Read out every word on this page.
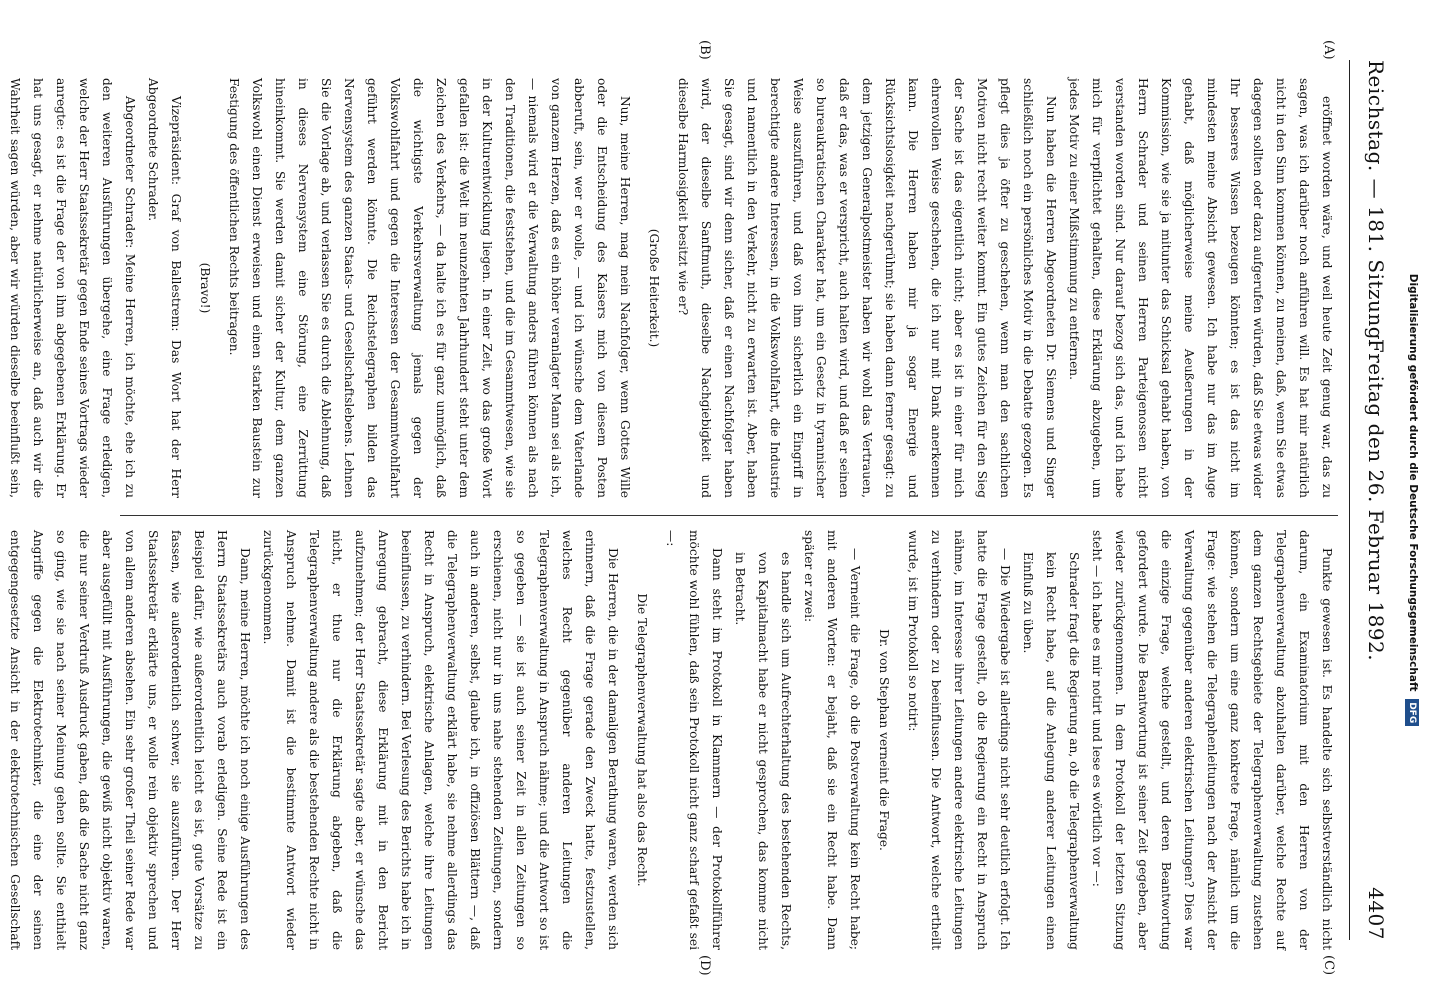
Reichstag. — 181. Sitzung.
Freitag den 26. Februar 1892.
4407
(A)
(B)
(C)
(D)

eröffnet worden wäre, und weil heute Zeit genug war, das zu sagen, was ich darüber noch anführen will. Es hat mir natürlich nicht in den Sinn kommen können, zu meinen, daß, wenn Sie etwas dagegen sollten oder dazu aufgerufen würden, daß Sie etwas wider Ihr besseres Wissen bezeugen könnten; es ist das nicht im mindesten meine Absicht gewesen. Ich habe nur das im Auge gehabt, daß möglicherweise meine Aeußerungen in der Kommission, wie sie ja mitunter das Schicksal gehabt haben, von Herrn Schrader und seinen Herren Parteigenossen nicht verstanden worden sind. Nur darauf bezog sich das, und ich habe mich für verpflichtet gehalten, diese Erklärung abzugeben, um jedes Motiv zu einer Mißstimmung zu entfernen.

Nun haben die Herren Abgeordneten Dr. Siemens und Singer schließlich noch ein persönliches Motiv in die Debatte gezogen. Es pflegt dies ja öfter zu geschehen, wenn man den sachlichen Motiven nicht recht weiter kommt. Ein gutes Zeichen für den Sieg der Sache ist das eigentlich nicht; aber es ist in einer für mich ehrenvollen Weise geschehen, die ich nur mit Dank anerkennen kann. Die Herren haben mir ja sogar Energie und Rücksichtslosigkeit nachgerühmt; sie haben dann ferner gesagt: zu dem jetzigen Generalpostmeister haben wir wohl das Vertrauen, daß er das, was er verspricht, auch halten wird, und daß er seinen so bureaukratischen Charakter hat, um ein Gesetz in tyrannischer Weise auszuführen, und daß von ihm sicherlich ein Eingriff in berechtigte andere Interessen, in die Volkswohlfahrt, die Industrie und namentlich in den Verkehr, nicht zu erwarten ist. Aber, haben Sie gesagt, sind wir denn sicher, daß er einen Nachfolger haben wird, der dieselbe Sanftmuth, dieselbe Nachgiebigkeit und dieselbe Harmlosigkeit besitzt wie er?

(Große Heiterkeit.)

Nun, meine Herren, mag mein Nachfolger, wenn Gottes Wille oder die Entscheidung des Kaisers mich von diesem Posten abberuft, sein, wer er wolle, — und ich wünsche dem Vaterlande von ganzem Herzen, daß es ein höher veranlagter Mann sei als ich, — niemals wird er die Verwaltung anders führen können als nach den Traditionen, die feststehen, und die im Gesammtwesen, wie sie in der Kulturentwicklung liegen. In einer Zeit, wo das große Wort gefallen ist: die Welt im neunzehnten Jahrhundert steht unter dem Zeichen des Verkehrs, — da halte ich es für ganz unmöglich, daß die wichtigste Verkehrsverwaltung jemals gegen der Volkswohlfahrt und gegen die Interessen der Gesammtwohlfahrt geführt werden könnte. Die Reichstelegraphen bilden das Nervensystem des ganzen Staats- und Gesellschaftslebens. Lehnen Sie die Vorlage ab, und verlassen Sie es durch die Ablehnung, daß in dieses Nervensystem eine Störung, eine Zerrüttung hineinkommt. Sie werden damit sicher der Kultur, dem ganzen Volkswohl einen Dienst erweisen und einen starken Baustein zur Festigung des öffentlichen Rechts beitragen.

(Bravo!)

Vizepräsident: Graf von Ballestrem: Das Wort hat der Herr Abgeordnete Schrader.

Abgeordneter Schrader: Meine Herren, ich möchte, ehe ich zu den weiteren Ausführungen übergehe, eine Frage erledigen, welche der Herr Staatssekretär gegen Ende seines Vortrags wieder anregte: es ist die Frage der von ihm abgegebenen Erklärung. Er hat uns gesagt, er nehme natürlicherweise an, daß auch wir die Wahrheit sagen würden, aber wir würden dieselbe beeinflußt sein,

Punkte gewesen ist. Es handelte sich selbstverständlich nicht darum, ein Examinatorium mit den Herren von der Telegraphenverwaltung abzuhalten darüber, welche Rechte auf dem ganzen Rechtsgebiete der Telegraphenverwaltung zustehen können, sondern um eine ganz konkrete Frage, nämlich um die Frage: wie stehen die Telegraphenleitungen nach der Ansicht der Verwaltung gegenüber anderen elektrischen Leitungen? Dies war die einzige Frage, welche gestellt, und deren Beantwortung gefordert wurde. Die Beantwortung ist seiner Zeit gegeben, aber wieder zurückgenommen. In dem Protokoll der letzten Sitzung steht — ich habe es mir notirt und lese es wörtlich vor —:

Schrader fragt die Regierung an, ob die Telegraphenverwaltung kein Recht habe, auf die Anlegung anderer Leitungen einen Einfluß zu üben.

— Die Wiedergabe ist allerdings nicht sehr deutlich erfolgt. Ich hatte die Frage gestellt, ob die Regierung ein Recht in Anspruch nähme, im Interesse ihrer Leitungen andere elektrische Leitungen zu verhindern oder zu beeinflussen. Die Antwort, welche ertheilt wurde, ist im Protokoll so notirt:

Dr. von Stephan verneint die Frage.

— Verneint die Frage, ob die Postverwaltung kein Recht habe; mit anderen Worten: er bejaht, daß sie ein Recht habe. Dann später er zwei:

es handle sich um Aufrechterhaltung des bestehenden Rechts, von Kapitalmacht habe er nicht gesprochen, das komme nicht in Betracht.

Dann steht im Protokoll in Klammern — der Protokollführer möchte wohl fühlen, daß sein Protokoll nicht ganz scharf gefaßt sei —:

Die Telegraphenverwaltung hat also das Recht.

Die Herren, die in der damaligen Berathung waren, werden sich erinnern, daß die Frage gerade den Zweck hatte, festzustellen, welches Recht gegenüber anderen Leitungen die Telegraphenverwaltung in Anspruch nähme; und die Antwort so ist so gegeben — sie ist auch seiner Zeit in allen Zeitungen so erschienen, nicht nur in uns nahe stehenden Zeitungen, sondern auch in anderen, selbst, glaube ich, in offiziösen Blättern —, daß die Telegraphenverwaltung erklärt habe, sie nehme allerdings das Recht in Anspruch, elektrische Anlagen, welche ihre Leitungen beeinflussen, zu verhindern. Bei Verlesung des Berichts habe ich in Anregung gebracht, diese Erklärung mit in den Bericht aufzunehmen; der Herr Staatssekretär sagte aber, er wünsche das nicht, er thue nur die Erklärung abgeben, daß die Telegraphenverwaltung andere als die bestehenden Rechte nicht in Anspruch nehme. Damit ist die bestimmte Antwort wieder zurückgenommen.

Dann, meine Herren, möchte ich noch einige Ausführungen des Herrn Staatssekretärs auch vorab erledigen. Seine Rede ist ein Beispiel dafür, wie außerordentlich leicht es ist, gute Vorsätze zu fassen, wie außerordentlich schwer, sie auszuführen. Der Herr Staatssekretär erklärte uns, er wolle rein objektiv sprechen und von allem anderen absehen. Ein sehr großer Theil seiner Rede war aber ausgefüllt mit Ausführungen, die gewiß nicht objektiv waren, die nur seiner Verdruß Ausdruck gaben, daß die Sache nicht ganz so ging, wie sie nach seiner Meinung gehen sollte. Sie enthielt Angriffe gegen die Elektrotechniker, die eine der seinen entgegengesetzte Ansicht in der elektrotechnischen Gesellschaft

Digitalisierung gefördert durch die Deutsche Forschungsgemeinschaft DFG
